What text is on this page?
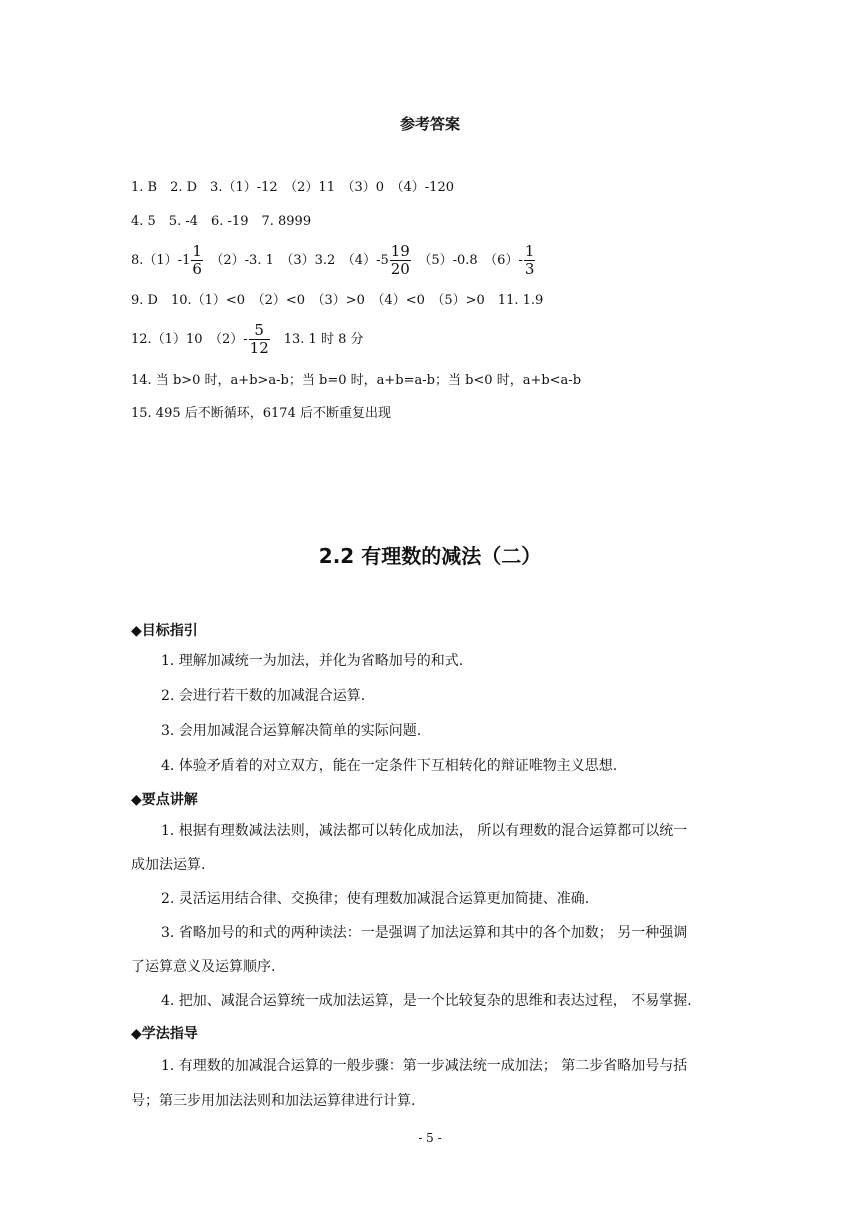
参考答案
1. B　2. D　3.（1）-12　（2）11　（3）0　（4）-120
4. 5　5. -4　6. -19　7. 8999
$8.(1)-1 \frac{1}{6}$ 　（2）-3. 1　（3）3.2　$(4)-5 \frac{19}{20}$ 　（5）-0.8　$(6)- \frac{1}{3}$
9. D　10.（1）<0　（2）<0　（3）>0　（4）<0　（5）>0　11. 1.9
12.（1）10　$(2)- \frac{5}{12}$ 　13. 1 时 8 分
14. 当 b>0 时，a+b>a-b；当 b=0 时，a+b=a-b；当 b<0 时，a+b<a-b
15. 495 后不断循环，6174 后不断重复出现
2.2 有理数的减法（二）
◆目标指引
1. 理解加减统一为加法，并化为省略加号的和式.
2. 会进行若干数的加减混合运算.
3. 会用加减混合运算解决简单的实际问题.
4. 体验矛盾着的对立双方，能在一定条件下互相转化的辩证唯物主义思想.
◆要点讲解
1. 根据有理数减法法则，减法都可以转化成加法， 所以有理数的混合运算都可以统一
成加法运算.
2. 灵活运用结合律、交换律；使有理数加减混合运算更加简捷、准确.
3. 省略加号的和式的两种读法：一是强调了加法运算和其中的各个加数； 另一种强调
了运算意义及运算顺序.
4. 把加、减混合运算统一成加法运算，是一个比较复杂的思维和表达过程， 不易掌握.
◆学法指导
1. 有理数的加减混合运算的一般步骤：第一步减法统一成加法； 第二步省略加号与括
号；第三步用加法法则和加法运算律进行计算.
- 5 -
